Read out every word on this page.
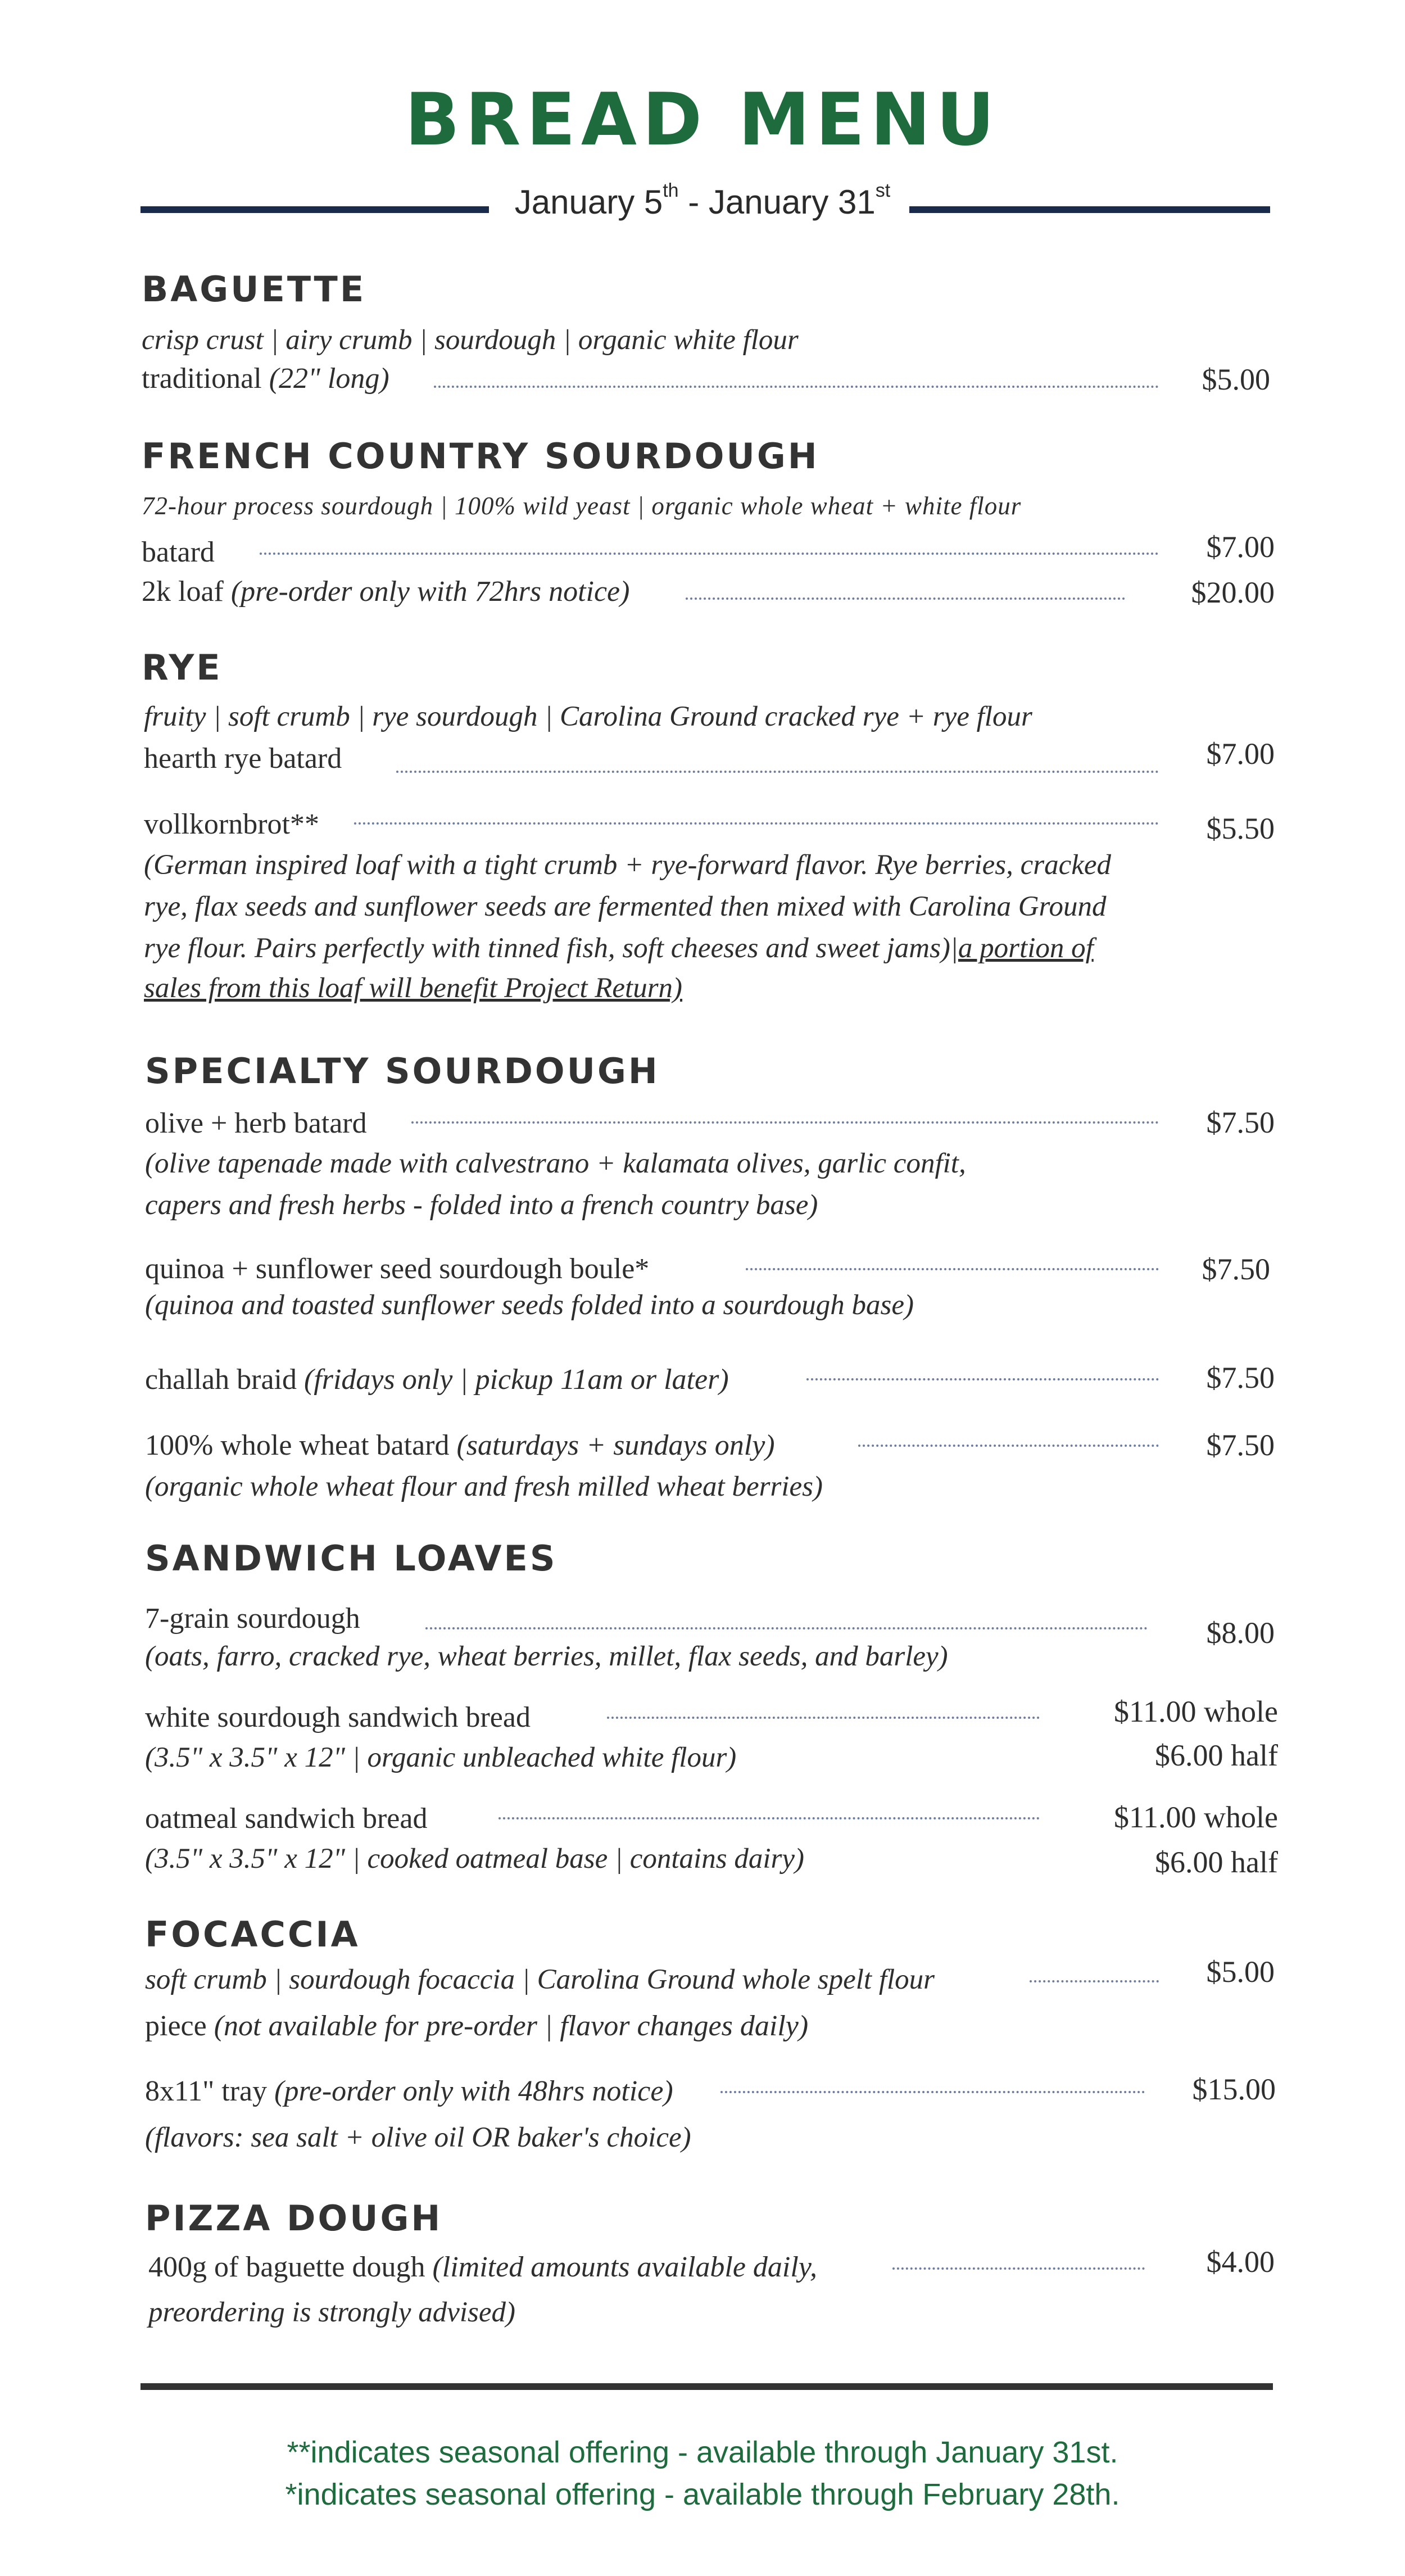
BREAD MENU
January 5th - January 31st
BAGUETTE
crisp crust | airy crumb | sourdough | organic white flour
traditional (22" long)	$5.00
FRENCH COUNTRY SOURDOUGH
72-hour process sourdough | 100% wild yeast | organic whole wheat + white flour
batard	$7.00
2k loaf (pre-order only with 72hrs notice)	$20.00
RYE
fruity | soft crumb | rye sourdough | Carolina Ground cracked rye + rye flour
hearth rye batard	$7.00
vollkornbrot**	$5.50
(German inspired loaf with a tight crumb + rye-forward flavor. Rye berries, cracked
rye, flax seeds and sunflower seeds are fermented then mixed with Carolina Ground
rye flour. Pairs perfectly with tinned fish, soft cheeses and sweet jams)|a portion of
sales from this loaf will benefit Project Return)
SPECIALTY SOURDOUGH
olive + herb batard	$7.50
(olive tapenade made with calvestrano + kalamata olives, garlic confit,
capers and fresh herbs - folded into a french country base)
quinoa + sunflower seed sourdough boule*	$7.50
(quinoa and toasted sunflower seeds folded into a sourdough base)
challah braid (fridays only | pickup 11am or later)	$7.50
100% whole wheat batard (saturdays + sundays only)	$7.50
(organic whole wheat flour and fresh milled wheat berries)
SANDWICH LOAVES
7-grain sourdough	$8.00
(oats, farro, cracked rye, wheat berries, millet, flax seeds, and barley)
white sourdough sandwich bread	$11.00 whole
$6.00 half
(3.5" x 3.5" x 12" | organic unbleached white flour)
oatmeal sandwich bread	$11.00 whole
$6.00 half
(3.5" x 3.5" x 12" | cooked oatmeal base | contains dairy)
FOCACCIA
soft crumb | sourdough focaccia | Carolina Ground whole spelt flour	$5.00
piece (not available for pre-order | flavor changes daily)
8x11" tray (pre-order only with 48hrs notice)	$15.00
(flavors: sea salt + olive oil OR baker's choice)
PIZZA DOUGH
400g of baguette dough (limited amounts available daily,	$4.00
preordering is strongly advised)
**indicates seasonal offering - available through January 31st.
*indicates seasonal offering - available through February 28th.
